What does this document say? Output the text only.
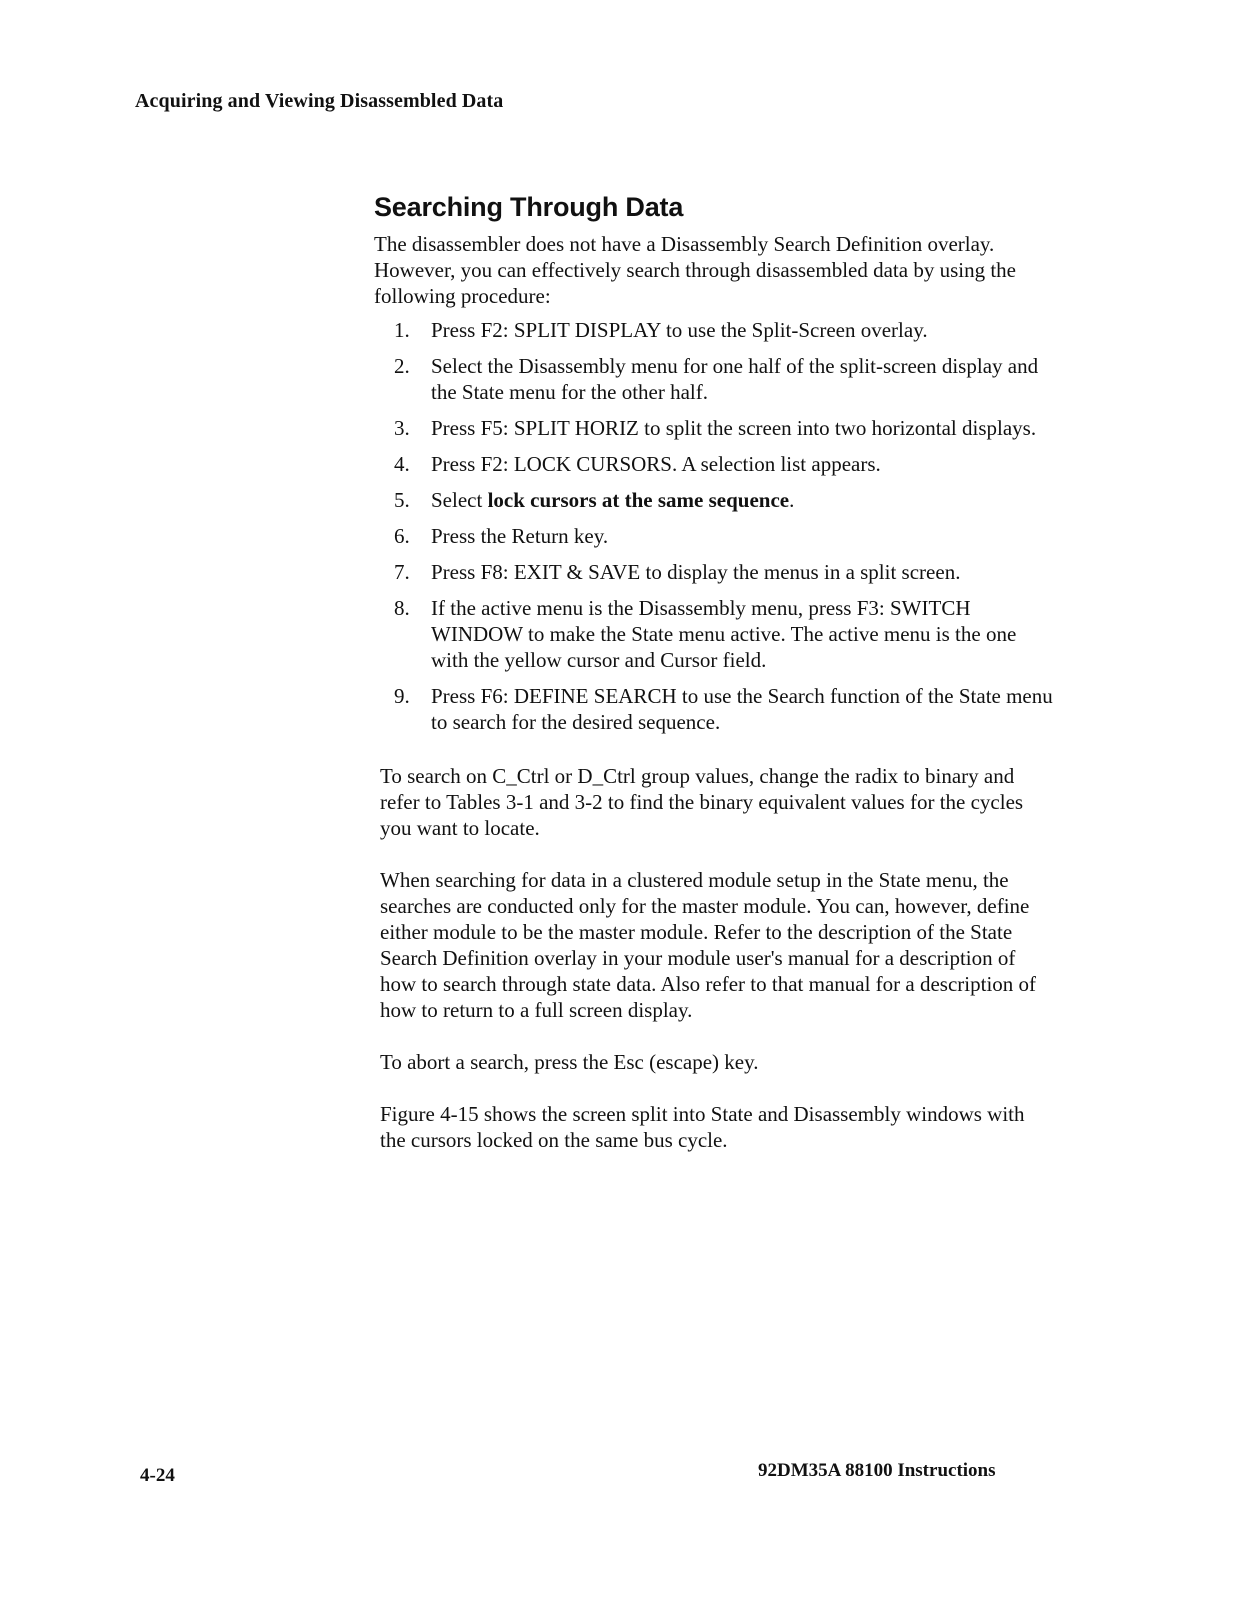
Acquiring and Viewing Disassembled Data
Searching Through Data

The disassembler does not have a Disassembly Search Definition overlay. However, you can effectively search through disassembled data by using the following procedure:

1.	Press F2: SPLIT DISPLAY to use the Split-Screen overlay.
2.	Select the Disassembly menu for one half of the split-screen display and the State menu for the other half.
3.	Press F5: SPLIT HORIZ to split the screen into two horizontal displays.
4.	Press F2: LOCK CURSORS. A selection list appears.
5.	Select lock cursors at the same sequence.
6.	Press the Return key.
7.	Press F8: EXIT & SAVE to display the menus in a split screen.
8.	If the active menu is the Disassembly menu, press F3: SWITCH WINDOW to make the State menu active. The active menu is the one with the yellow cursor and Cursor field.
9.	Press F6: DEFINE SEARCH to use the Search function of the State menu to search for the desired sequence.

To search on C_Ctrl or D_Ctrl group values, change the radix to binary and refer to Tables 3-1 and 3-2 to find the binary equivalent values for the cycles you want to locate.

When searching for data in a clustered module setup in the State menu, the searches are conducted only for the master module. You can, however, define either module to be the master module. Refer to the description of the State Search Definition overlay in your module user's manual for a description of how to search through state data. Also refer to that manual for a description of how to return to a full screen display.

To abort a search, press the Esc (escape) key.

Figure 4-15 shows the screen split into State and Disassembly windows with the cursors locked on the same bus cycle.

4-24	92DM35A 88100 Instructions
